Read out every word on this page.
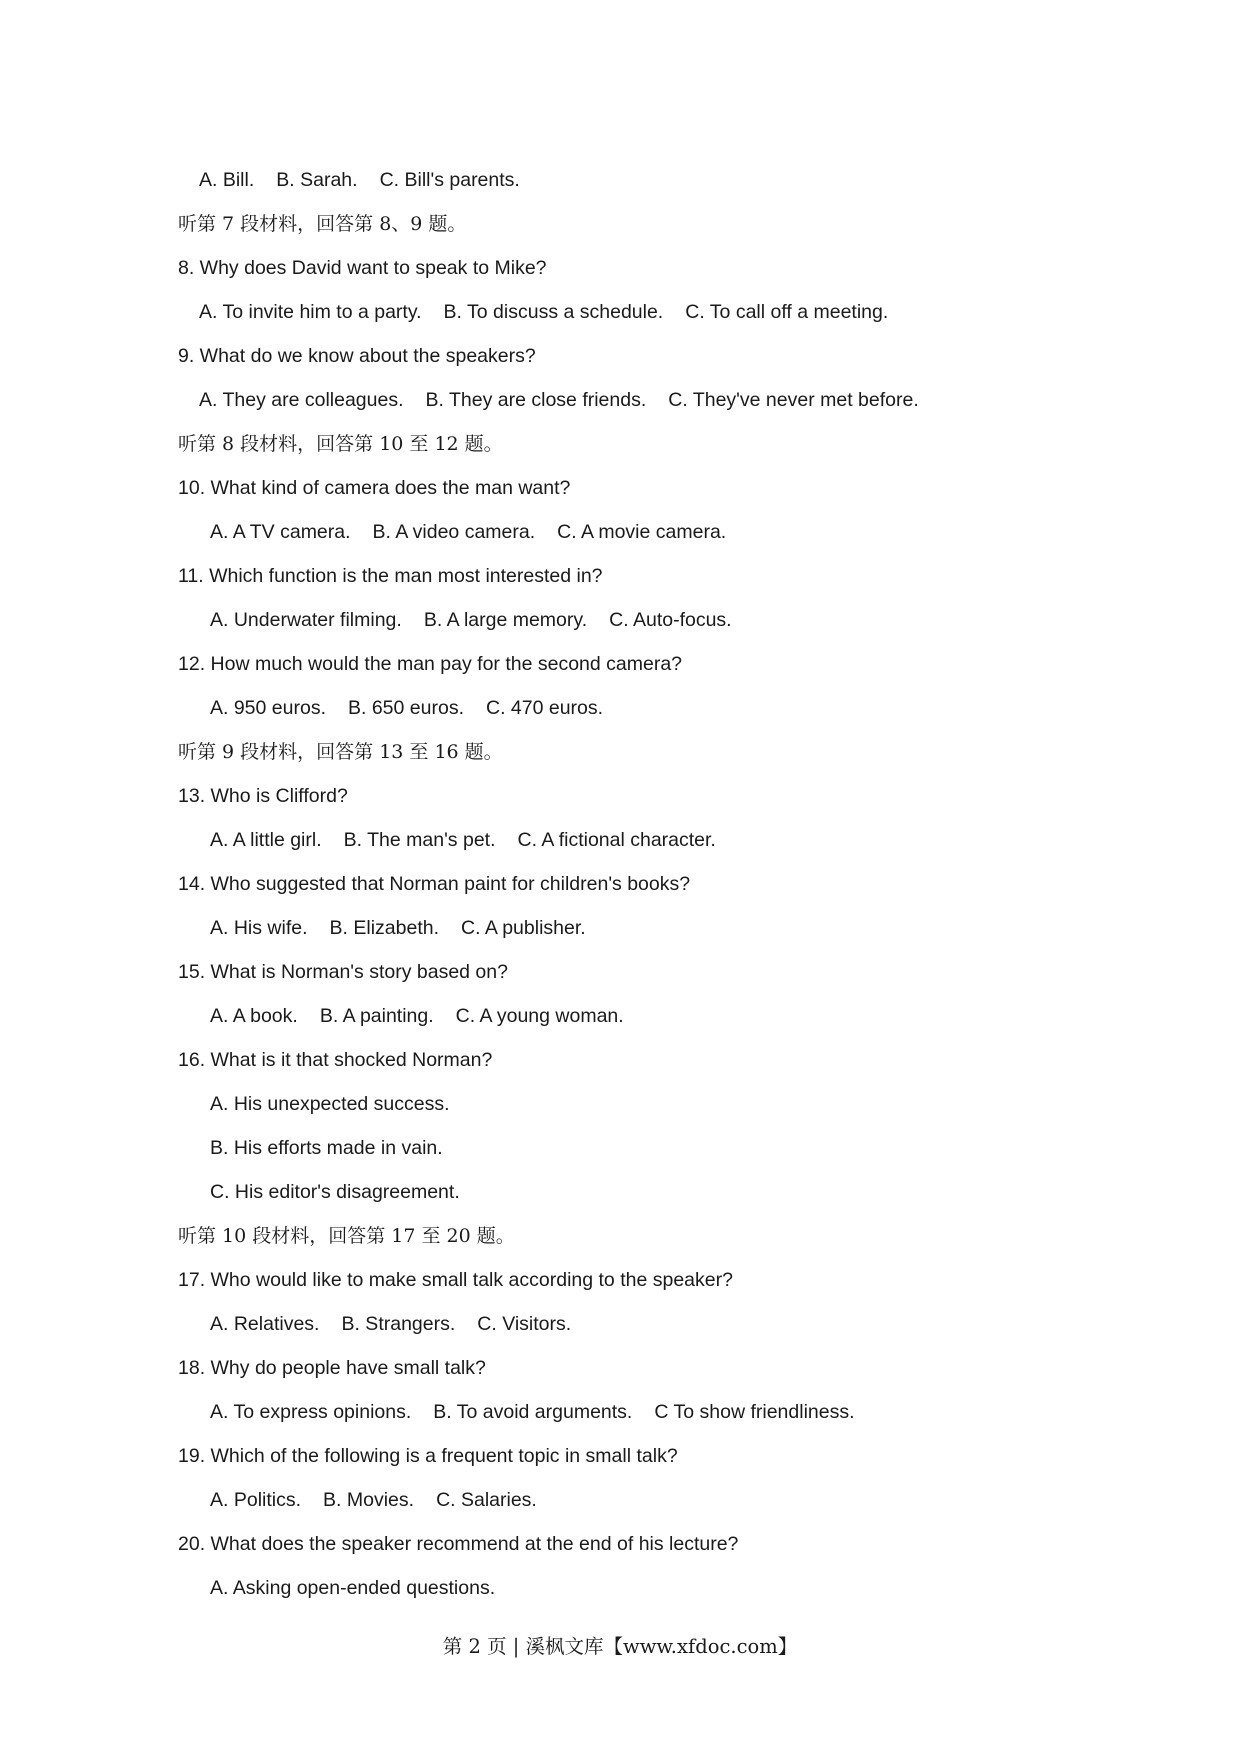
A. Bill. B. Sarah. C. Bill's parents.
听第 7 段材料，回答第 8、9 题。
8. Why does David want to speak to Mike?
A. To invite him to a party. B. To discuss a schedule. C. To call off a meeting.
9. What do we know about the speakers?
A. They are colleagues. B. They are close friends. C. They've never met before.
听第 8 段材料，回答第 10 至 12 题。
10. What kind of camera does the man want?
A. A TV camera. B. A video camera. C. A movie camera.
11. Which function is the man most interested in?
A. Underwater filming. B. A large memory. C. Auto-focus.
12. How much would the man pay for the second camera?
A. 950 euros. B. 650 euros. C. 470 euros.
听第 9 段材料，回答第 13 至 16 题。
13. Who is Clifford?
A. A little girl. B. The man's pet. C. A fictional character.
14. Who suggested that Norman paint for children's books?
A. His wife. B. Elizabeth. C. A publisher.
15. What is Norman's story based on?
A. A book. B. A painting. C. A young woman.
16. What is it that shocked Norman?
A. His unexpected success.
B. His efforts made in vain.
C. His editor's disagreement.
听第 10 段材料，回答第 17 至 20 题。
17. Who would like to make small talk according to the speaker?
A. Relatives. B. Strangers. C. Visitors.
18. Why do people have small talk?
A. To express opinions. B. To avoid arguments. C To show friendliness.
19. Which of the following is a frequent topic in small talk?
A. Politics. B. Movies. C. Salaries.
20. What does the speaker recommend at the end of his lecture?
A. Asking open-ended questions.
第 2 页 | 溪枫文库【www.xfdoc.com】
